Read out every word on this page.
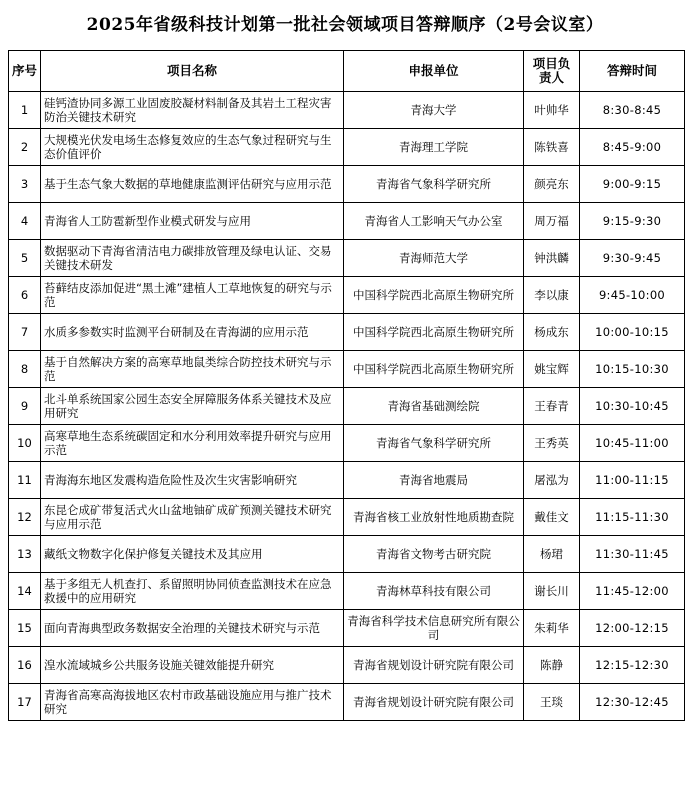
2025年省级科技计划第一批社会领域项目答辩顺序（2号会议室）
序号	项目名称	申报单位	项目负责人	答辩时间
1	硅钙渣协同多源工业固废胶凝材料制备及其岩土工程灾害防治关键技术研究	青海大学	叶帅华	8:30-8:45
2	大规模光伏发电场生态修复效应的生态气象过程研究与生态价值评价	青海理工学院	陈铁喜	8:45-9:00
3	基于生态气象大数据的草地健康监测评估研究与应用示范	青海省气象科学研究所	颜亮东	9:00-9:15
4	青海省人工防雹新型作业模式研发与应用	青海省人工影响天气办公室	周万福	9:15-9:30
5	数据驱动下青海省清洁电力碳排放管理及绿电认证、交易关键技术研发	青海师范大学	钟洪麟	9:30-9:45
6	苔藓结皮添加促进“黑土滩”建植人工草地恢复的研究与示范	中国科学院西北高原生物研究所	李以康	9:45-10:00
7	水质多参数实时监测平台研制及在青海湖的应用示范	中国科学院西北高原生物研究所	杨成东	10:00-10:15
8	基于自然解决方案的高寒草地鼠类综合防控技术研究与示范	中国科学院西北高原生物研究所	姚宝辉	10:15-10:30
9	北斗单系统国家公园生态安全屏障服务体系关键技术及应用研究	青海省基础测绘院	王春青	10:30-10:45
10	高寒草地生态系统碳固定和水分利用效率提升研究与应用示范	青海省气象科学研究所	王秀英	10:45-11:00
11	青海海东地区发震构造危险性及次生灾害影响研究	青海省地震局	屠泓为	11:00-11:15
12	东昆仑成矿带复活式火山盆地铀矿成矿预测关键技术研究与应用示范	青海省核工业放射性地质勘查院	戴佳文	11:15-11:30
13	藏纸文物数字化保护修复关键技术及其应用	青海省文物考古研究院	杨珺	11:30-11:45
14	基于多组无人机查打、系留照明协同侦查监测技术在应急救援中的应用研究	青海林草科技有限公司	谢长川	11:45-12:00
15	面向青海典型政务数据安全治理的关键技术研究与示范	青海省科学技术信息研究所有限公司	朱莉华	12:00-12:15
16	湟水流域城乡公共服务设施关键效能提升研究	青海省规划设计研究院有限公司	陈静	12:15-12:30
17	青海省高寒高海拔地区农村市政基础设施应用与推广技术研究	青海省规划设计研究院有限公司	王琰	12:30-12:45
